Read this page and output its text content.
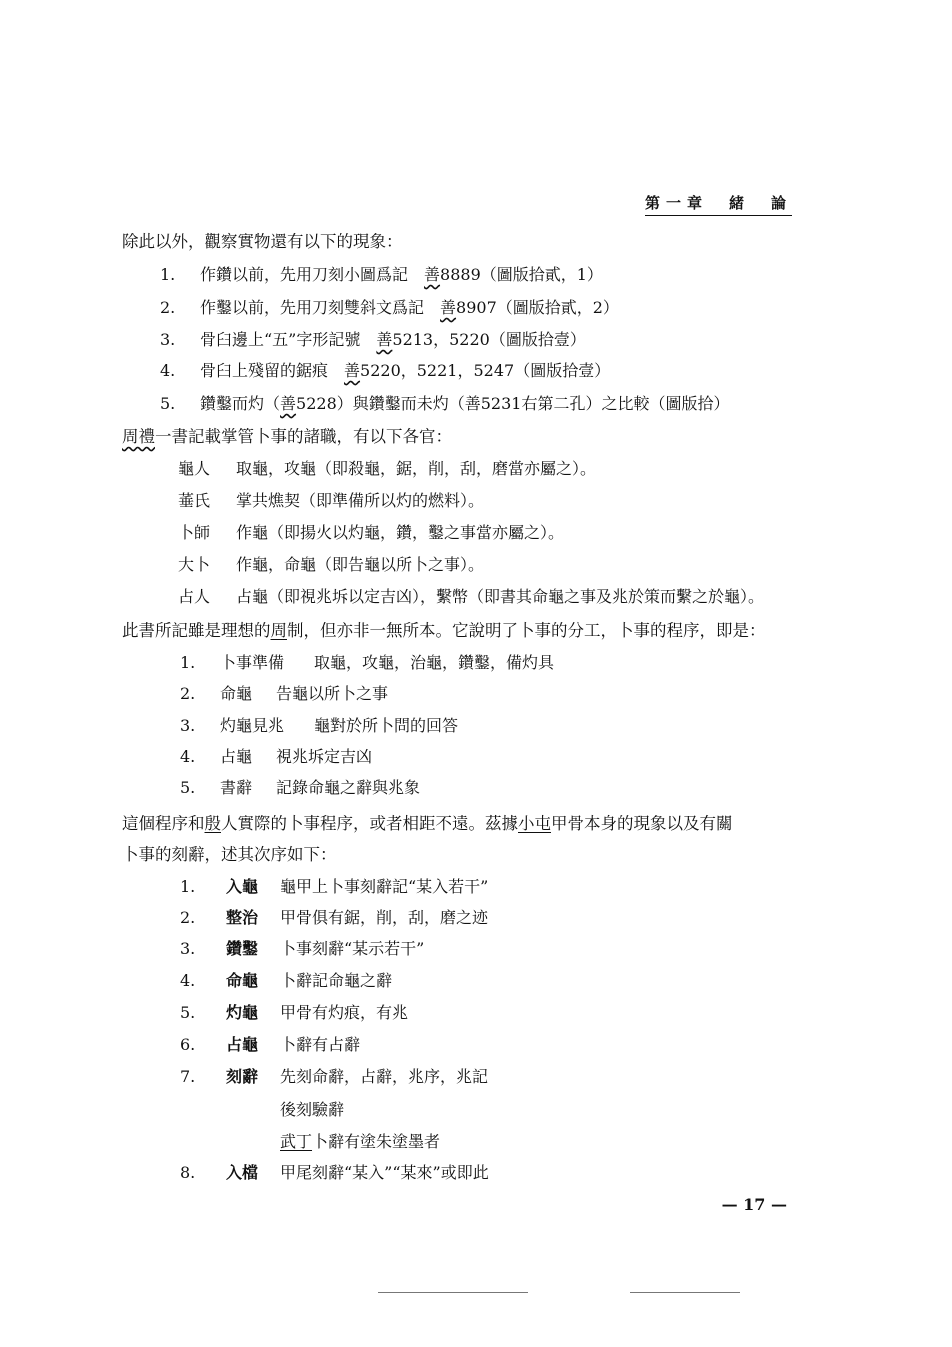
第一章　緒　論
除此以外，觀察實物還有以下的現象：
1. 作鑽以前，先用刀刻小圖爲記　善8889（圖版拾貳，1）
2. 作鑿以前，先用刀刻雙斜文爲記　善8907（圖版拾貳，2）
3. 骨臼邊上“五”字形記號　善5213，5220（圖版拾壹）
4. 骨臼上殘留的鋸痕　善5220，5221，5247（圖版拾壹）
5. 鑽鑿而灼（善5228）與鑽鑿而未灼（善5231右第二孔）之比較（圖版拾）
周禮一書記載掌管卜事的諸職，有以下各官：
龜人 取龜，攻龜（即殺龜，鋸，削，刮，磨當亦屬之）。
菙氏 掌共燋契（即準備所以灼的燃料）。
卜師 作龜（即揚火以灼龜，鑽，鑿之事當亦屬之）。
大卜 作龜，命龜（即告龜以所卜之事）。
占人 占龜（即視兆坼以定吉凶），繫幣（即書其命龜之事及兆於策而繫之於龜）。
此書所記雖是理想的周制，但亦非一無所本。它說明了卜事的分工，卜事的程序，即是：
1. 卜事準備 取龜，攻龜，治龜，鑽鑿，備灼具
2. 命龜 告龜以所卜之事
3. 灼龜見兆 龜對於所卜問的回答
4. 占龜 視兆坼定吉凶
5. 書辭 記錄命龜之辭與兆象
這個程序和殷人實際的卜事程序，或者相距不遠。茲據小屯甲骨本身的現象以及有關
卜事的刻辭，述其次序如下：
1. 入龜 龜甲上卜事刻辭記“某入若干”
2. 整治 甲骨俱有鋸，削，刮，磨之迹
3. 鑽鑿 卜事刻辭“某示若干”
4. 命龜 卜辭記命龜之辭
5. 灼龜 甲骨有灼痕，有兆
6. 占龜 卜辭有占辭
7. 刻辭 先刻命辭，占辭，兆序，兆記
後刻驗辭
武丁卜辭有塗朱塗墨者
8. 入檔 甲尾刻辭“某入”“某來”或即此
— 17 —
